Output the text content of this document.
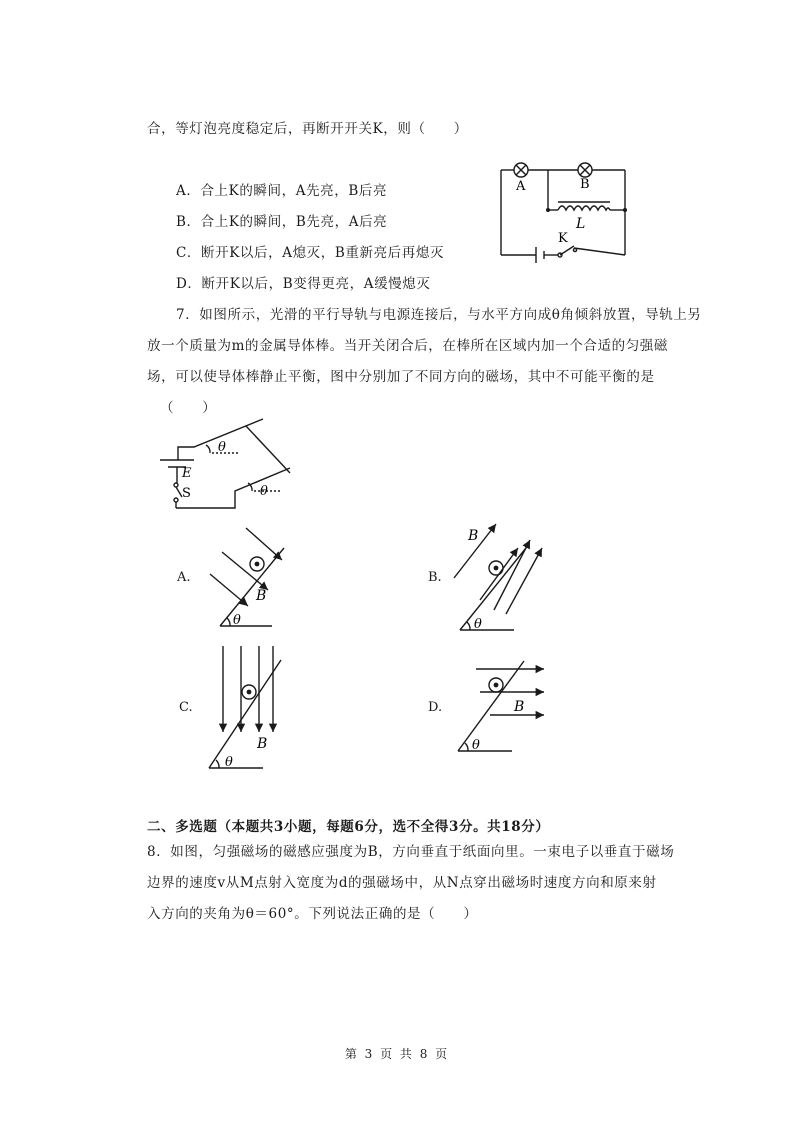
合，等灯泡亮度稳定后，再断开开关K，则（　　）
A．合上K的瞬间，A先亮，B后亮
B．合上K的瞬间，B先亮，A后亮
C．断开K以后，A熄灭，B重新亮后再熄灭
D．断开K以后，B变得更亮，A缓慢熄灭
A	B
L
K
7．如图所示，光滑的平行导轨与电源连接后，与水平方向成θ角倾斜放置，导轨上另
放一个质量为m的金属导体棒。当开关闭合后，在棒所在区域内加一个合适的匀强磁
场，可以使导体棒静止平衡，图中分别加了不同方向的磁场，其中不可能平衡的是
（　　）
θ
θ
E
S
A.
B
θ
B.
B
θ
C.
B
θ
D.	B
θ
二、多选题（本题共3小题，每题6分，选不全得3分。共18分）
8．如图，匀强磁场的磁感应强度为B，方向垂直于纸面向里。一束电子以垂直于磁场
边界的速度v从M点射入宽度为d的强磁场中，从N点穿出磁场时速度方向和原来射
入方向的夹角为θ＝60°。下列说法正确的是（　　）
第 3 页 共 8 页
